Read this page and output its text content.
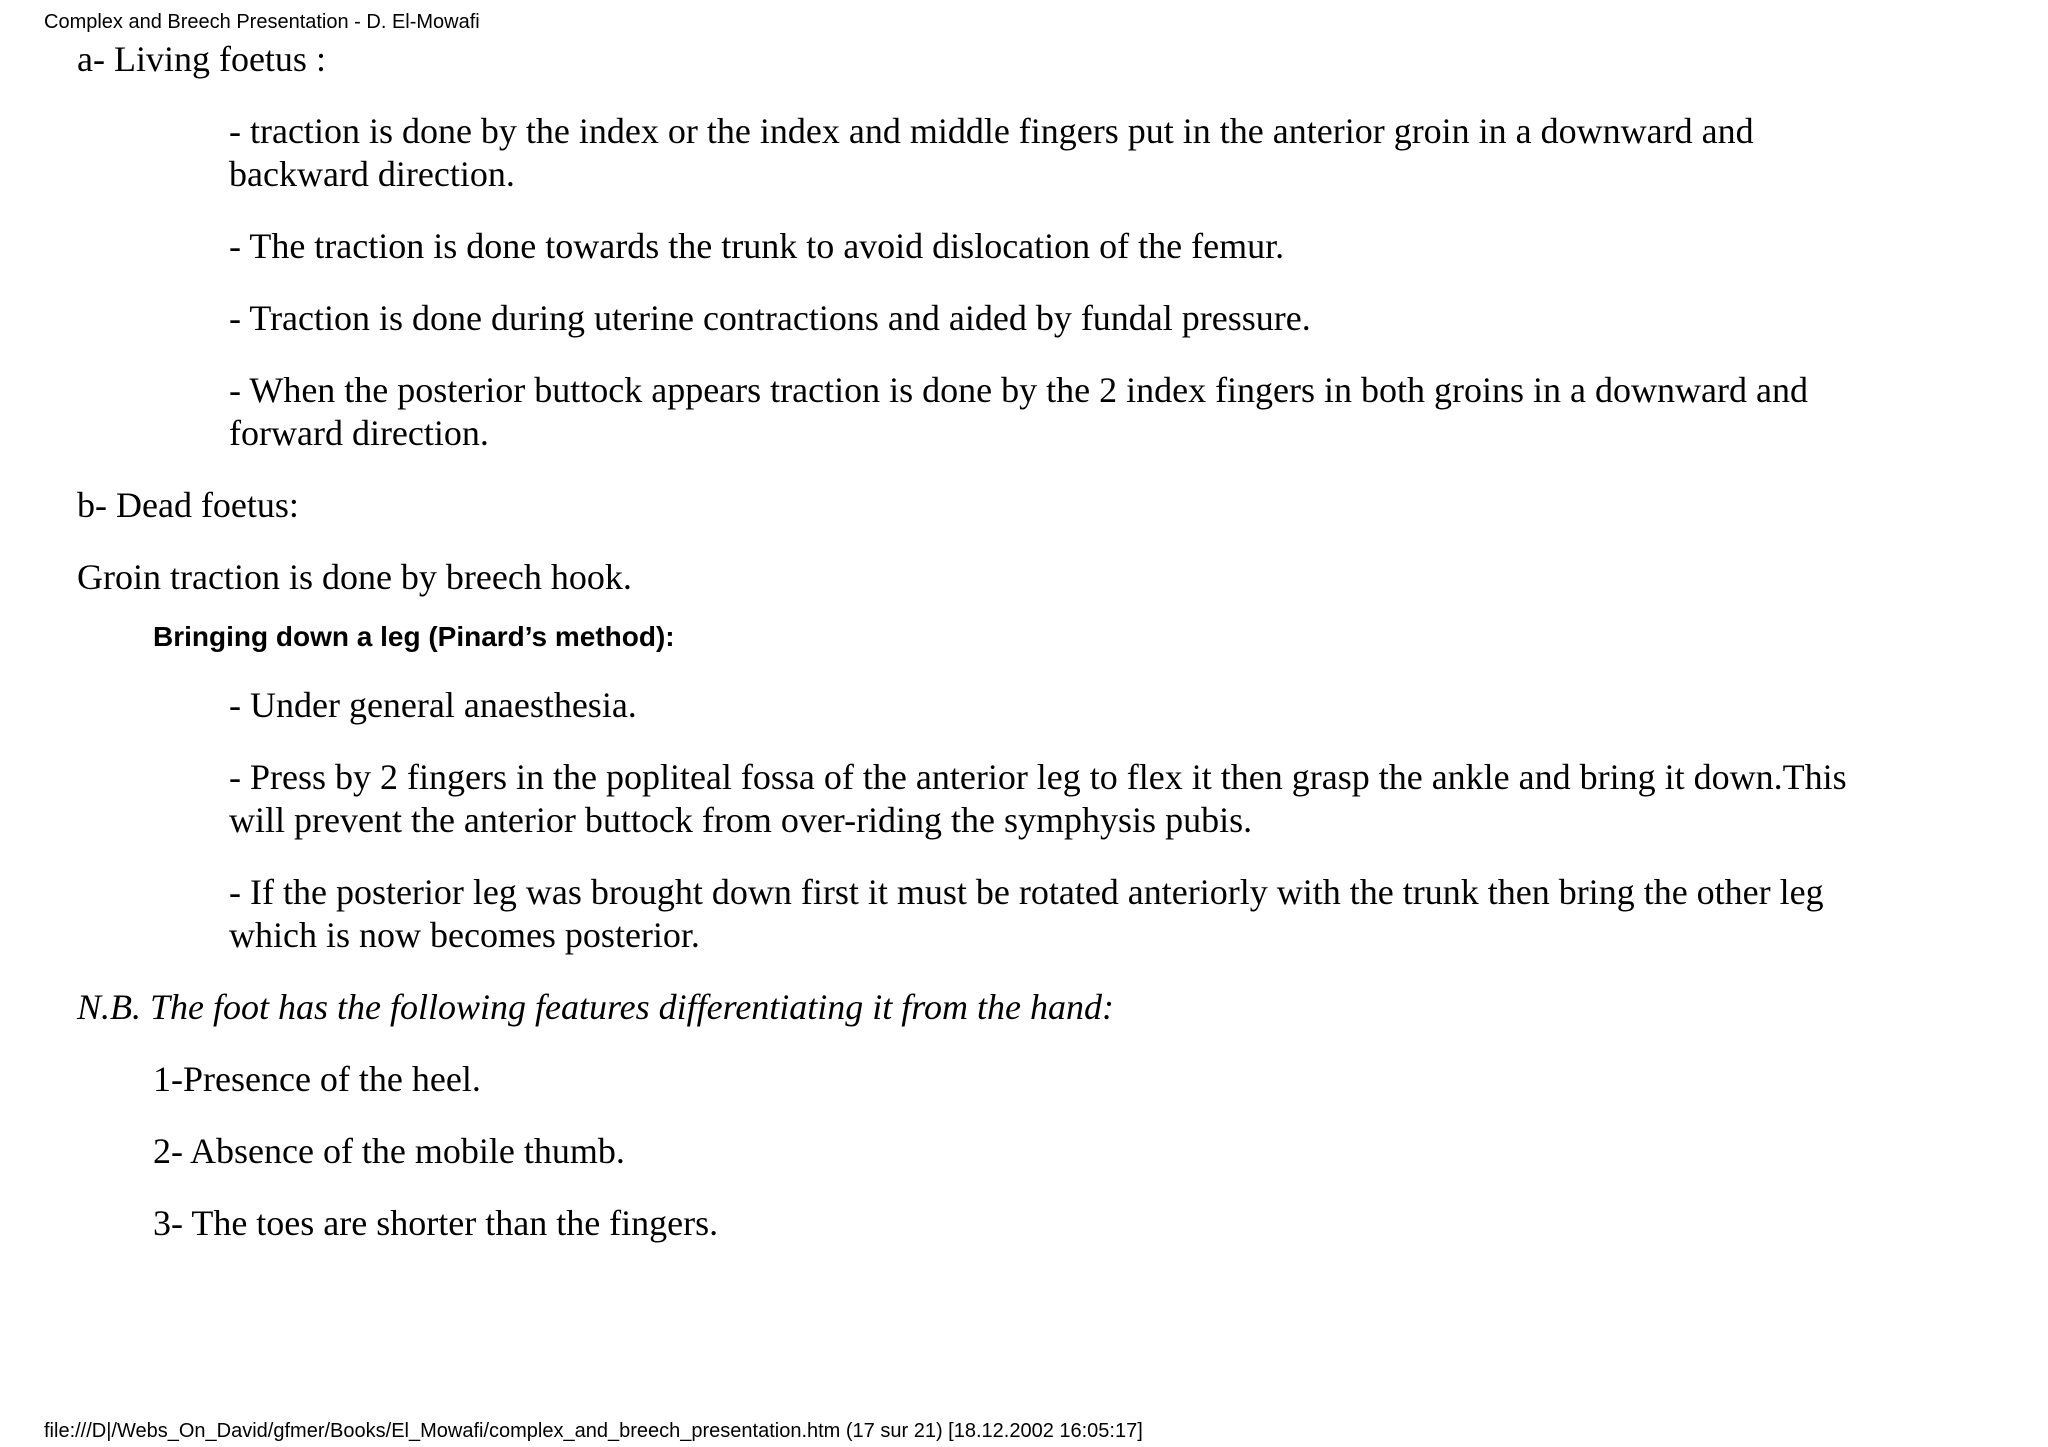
Complex and Breech Presentation - D. El-Mowafi

a- Living foetus :

- traction is done by the index or the index and middle fingers put in the anterior groin in a downward and backward direction.

- The traction is done towards the trunk to avoid dislocation of the femur.

- Traction is done during uterine contractions and aided by fundal pressure.

- When the posterior buttock appears traction is done by the 2 index fingers in both groins in a downward and forward direction.

b- Dead foetus:

Groin traction is done by breech hook.

Bringing down a leg (Pinard’s method):

- Under general anaesthesia.

- Press by 2 fingers in the popliteal fossa of the anterior leg to flex it then grasp the ankle and bring it down.This will prevent the anterior buttock from over-riding the symphysis pubis.

- If the posterior leg was brought down first it must be rotated anteriorly with the trunk then bring the other leg which is now becomes posterior.

N.B. The foot has the following features differentiating it from the hand:

1-Presence of the heel.

2- Absence of the mobile thumb.

3- The toes are shorter than the fingers.

file:///D|/Webs_On_David/gfmer/Books/El_Mowafi/complex_and_breech_presentation.htm (17 sur 21) [18.12.2002 16:05:17]
